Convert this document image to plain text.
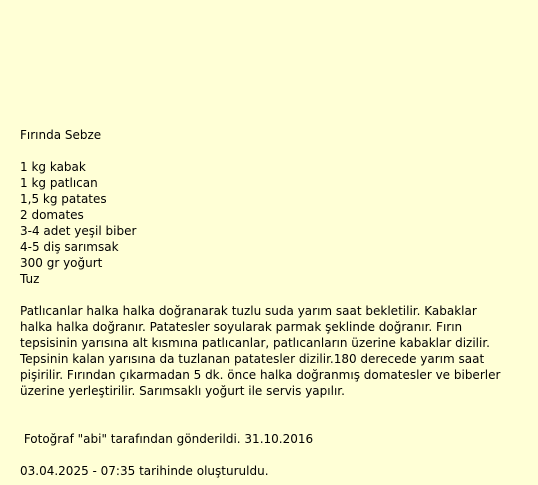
Fırında Sebze
1 kg kabak
1 kg patlıcan
1,5 kg patates
2 domates
3-4 adet yeşil biber
4-5 diş sarımsak
300 gr yoğurt
Tuz

Patlıcanlar halka halka doğranarak tuzlu suda yarım saat bekletilir. Kabaklar halka halka doğranır. Patatesler soyularak parmak şeklinde doğranır. Fırın tepsisinin yarısına alt kısmına patlıcanlar, patlıcanların üzerine kabaklar dizilir. Tepsinin kalan yarısına da tuzlanan patatesler dizilir.180 derecede yarım saat pişirilir. Fırından çıkarmadan 5 dk. önce halka doğranmış domatesler ve biberler üzerine yerleştirilir. Sarımsaklı yoğurt ile servis yapılır.

Fotoğraf "abi" tarafından gönderildi. 31.10.2016

03.04.2025 - 07:35 tarihinde oluşturuldu.
